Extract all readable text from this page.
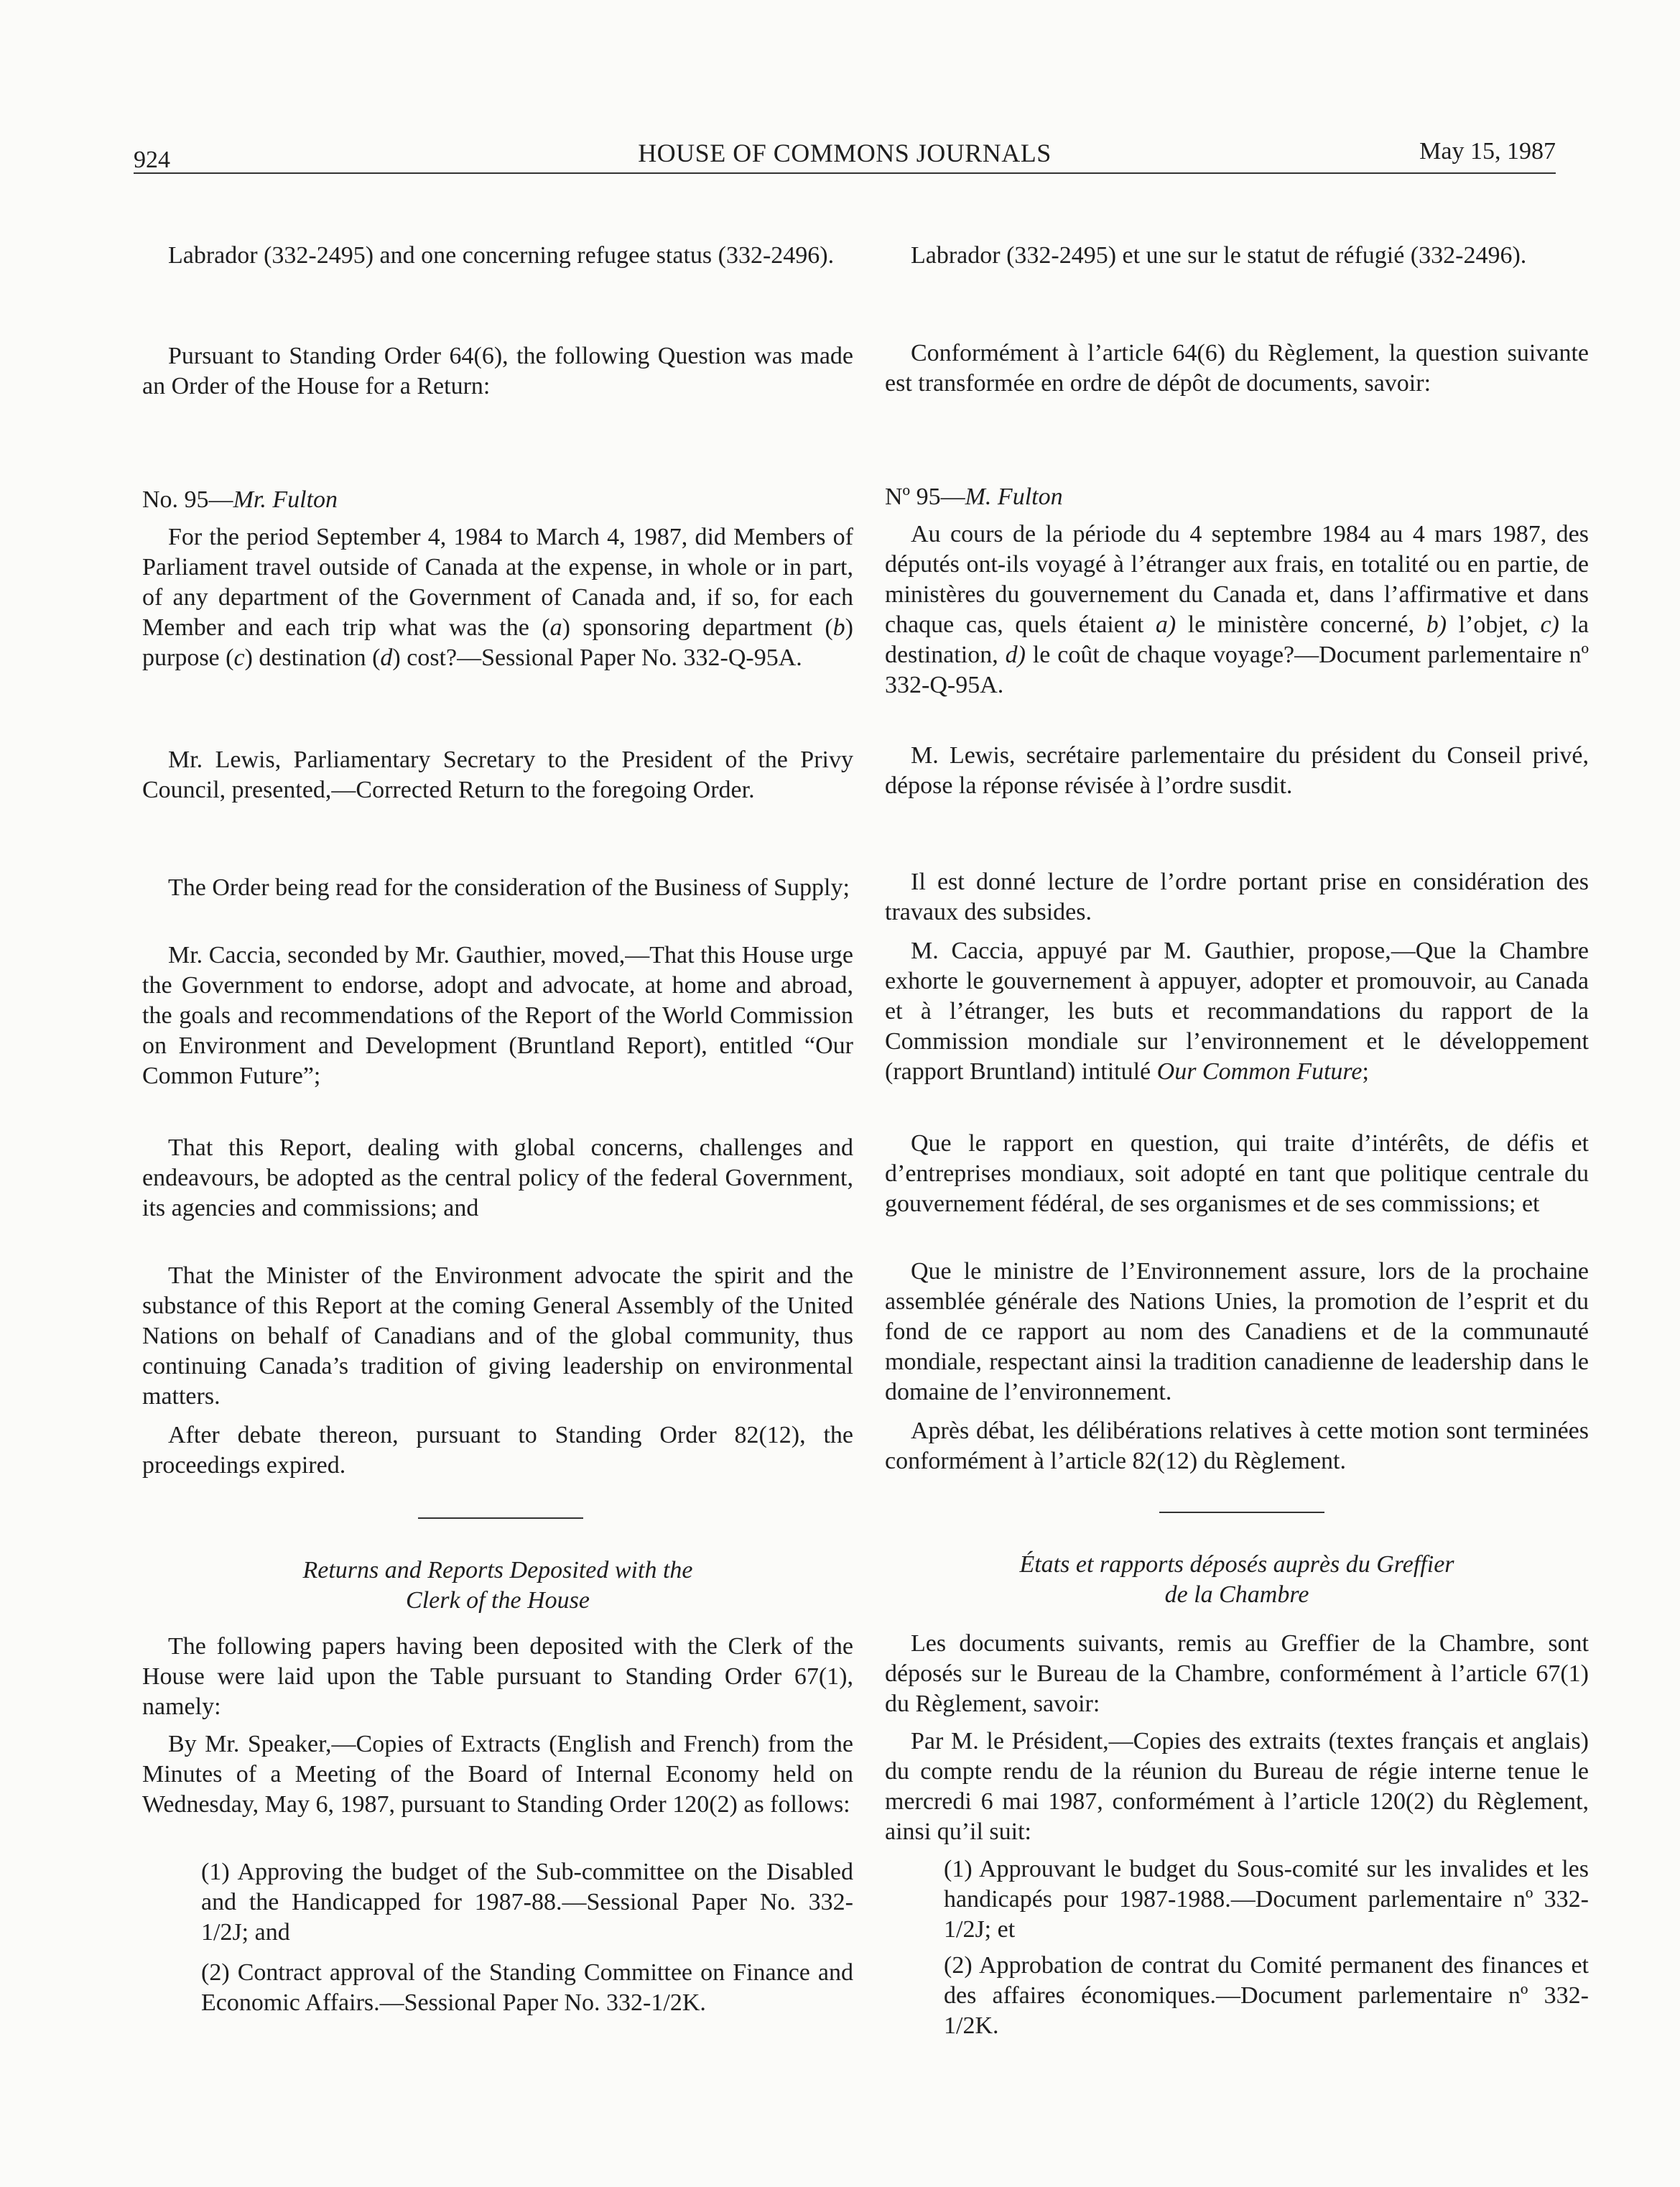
924	HOUSE OF COMMONS JOURNALS	May 15, 1987

Labrador (332-2495) and one concerning refugee status (332-2496).

Pursuant to Standing Order 64(6), the following Question was made an Order of the House for a Return:

No. 95—Mr. Fulton

For the period September 4, 1984 to March 4, 1987, did Members of Parliament travel outside of Canada at the expense, in whole or in part, of any department of the Government of Canada and, if so, for each Member and each trip what was the (a) sponsoring department (b) purpose (c) destination (d) cost?—Sessional Paper No. 332-Q-95A.

Mr. Lewis, Parliamentary Secretary to the President of the Privy Council, presented,—Corrected Return to the foregoing Order.

The Order being read for the consideration of the Business of Supply;

Mr. Caccia, seconded by Mr. Gauthier, moved,—That this House urge the Government to endorse, adopt and advocate, at home and abroad, the goals and recommendations of the Report of the World Commission on Environment and Development (Bruntland Report), entitled “Our Common Future”;

That this Report, dealing with global concerns, challenges and endeavours, be adopted as the central policy of the federal Government, its agencies and commissions; and

That the Minister of the Environment advocate the spirit and the substance of this Report at the coming General Assembly of the United Nations on behalf of Canadians and of the global community, thus continuing Canada’s tradition of giving leadership on environmental matters.

After debate thereon, pursuant to Standing Order 82(12), the proceedings expired.

Returns and Reports Deposited with the
Clerk of the House

The following papers having been deposited with the Clerk of the House were laid upon the Table pursuant to Standing Order 67(1), namely:

By Mr. Speaker,—Copies of Extracts (English and French) from the Minutes of a Meeting of the Board of Internal Economy held on Wednesday, May 6, 1987, pursuant to Standing Order 120(2) as follows:

(1) Approving the budget of the Sub-committee on the Disabled and the Handicapped for 1987-88.—Sessional Paper No. 332-1/2J; and

(2) Contract approval of the Standing Committee on Finance and Economic Affairs.—Sessional Paper No. 332-1/2K.

Labrador (332-2495) et une sur le statut de réfugié (332-2496).

Conformément à l’article 64(6) du Règlement, la question suivante est transformée en ordre de dépôt de documents, savoir:

Nº 95—M. Fulton

Au cours de la période du 4 septembre 1984 au 4 mars 1987, des députés ont-ils voyagé à l’étranger aux frais, en totalité ou en partie, de ministères du gouvernement du Canada et, dans l’affirmative et dans chaque cas, quels étaient a) le ministère concerné, b) l’objet, c) la destination, d) le coût de chaque voyage?—Document parlementaire nº 332-Q-95A.

M. Lewis, secrétaire parlementaire du président du Conseil privé, dépose la réponse révisée à l’ordre susdit.

Il est donné lecture de l’ordre portant prise en considération des travaux des subsides.

M. Caccia, appuyé par M. Gauthier, propose,—Que la Chambre exhorte le gouvernement à appuyer, adopter et promouvoir, au Canada et à l’étranger, les buts et recommandations du rapport de la Commission mondiale sur l’environnement et le développement (rapport Bruntland) intitulé Our Common Future;

Que le rapport en question, qui traite d’intérêts, de défis et d’entreprises mondiaux, soit adopté en tant que politique centrale du gouvernement fédéral, de ses organismes et de ses commissions; et

Que le ministre de l’Environnement assure, lors de la prochaine assemblée générale des Nations Unies, la promotion de l’esprit et du fond de ce rapport au nom des Canadiens et de la communauté mondiale, respectant ainsi la tradition canadienne de leadership dans le domaine de l’environnement.

Après débat, les délibérations relatives à cette motion sont terminées conformément à l’article 82(12) du Règlement.

États et rapports déposés auprès du Greffier
de la Chambre

Les documents suivants, remis au Greffier de la Chambre, sont déposés sur le Bureau de la Chambre, conformément à l’article 67(1) du Règlement, savoir:

Par M. le Président,—Copies des extraits (textes français et anglais) du compte rendu de la réunion du Bureau de régie interne tenue le mercredi 6 mai 1987, conformément à l’article 120(2) du Règlement, ainsi qu’il suit:

(1) Approuvant le budget du Sous-comité sur les invalides et les handicapés pour 1987-1988.—Document parlementaire nº 332-1/2J; et

(2) Approbation de contrat du Comité permanent des finances et des affaires économiques.—Document parlementaire nº 332-1/2K.
